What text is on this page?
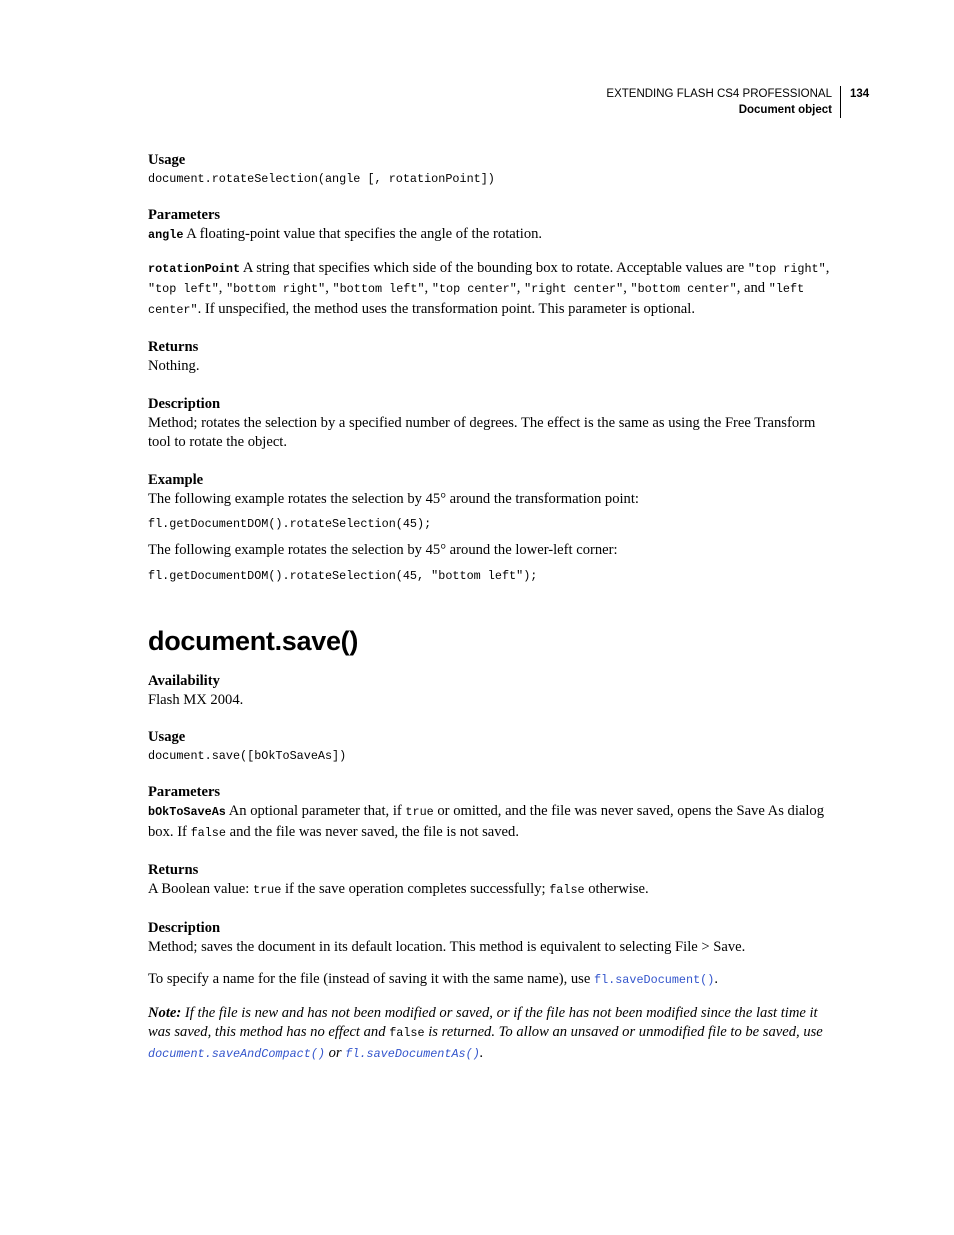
EXTENDING FLASH CS4 PROFESSIONAL
Document object
134
Usage
document.rotateSelection(angle [, rotationPoint])
Parameters

angle A floating-point value that specifies the angle of the rotation.

rotationPoint A string that specifies which side of the bounding box to rotate. Acceptable values are "top right", "top left", "bottom right", "bottom left", "top center", "right center", "bottom center", and "left center". If unspecified, the method uses the transformation point. This parameter is optional.

Returns

Nothing.

Description

Method; rotates the selection by a specified number of degrees. The effect is the same as using the Free Transform tool to rotate the object.

Example

The following example rotates the selection by 45° around the transformation point:

fl.getDocumentDOM().rotateSelection(45);

The following example rotates the selection by 45° around the lower-left corner:

fl.getDocumentDOM().rotateSelection(45, "bottom left");
document.save()
Availability

Flash MX 2004.

Usage
document.save([bOkToSaveAs])
Parameters

bOkToSaveAs An optional parameter that, if true or omitted, and the file was never saved, opens the Save As dialog box. If false and the file was never saved, the file is not saved.

Returns

A Boolean value: true if the save operation completes successfully; false otherwise.

Description

Method; saves the document in its default location. This method is equivalent to selecting File > Save.

To specify a name for the file (instead of saving it with the same name), use fl.saveDocument().

Note: If the file is new and has not been modified or saved, or if the file has not been modified since the last time it was saved, this method has no effect and false is returned. To allow an unsaved or unmodified file to be saved, use document.saveAndCompact() or fl.saveDocumentAs().
